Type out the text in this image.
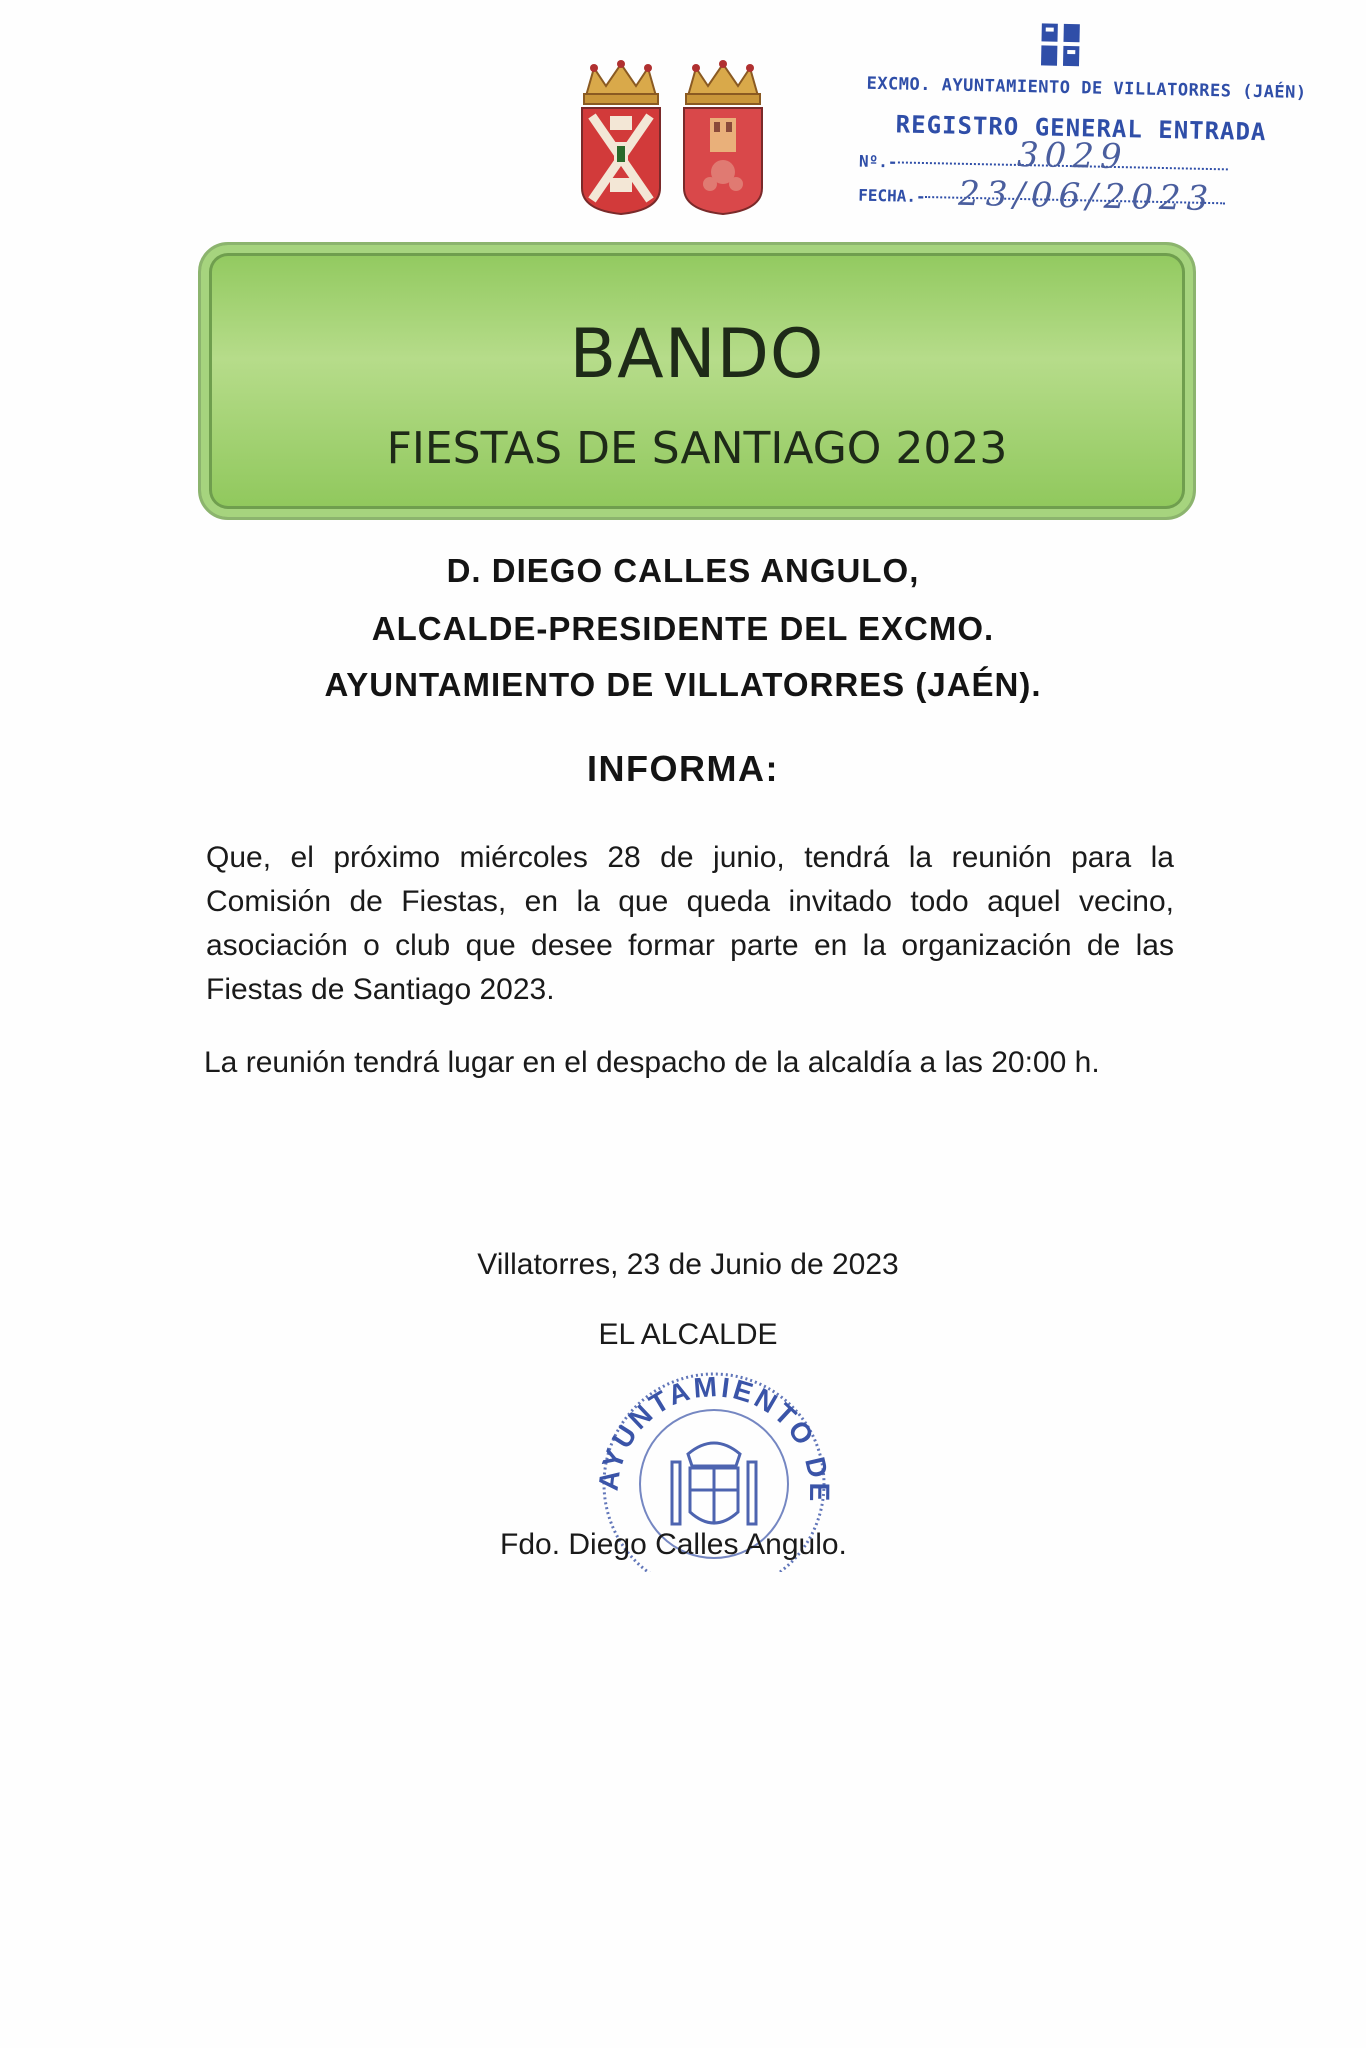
EXCMO. AYUNTAMIENTO DE VILLATORRES (JAÉN)
REGISTRO GENERAL ENTRADA
Nº.-
FECHA.-
3029
23/06/2023
BANDO
FIESTAS DE SANTIAGO 2023
D. DIEGO CALLES ANGULO,
ALCALDE-PRESIDENTE DEL EXCMO.
AYUNTAMIENTO DE VILLATORRES (JAÉN).
INFORMA:
Que, el próximo miércoles 28 de junio, tendrá la reunión para la
Comisión de Fiestas, en la que queda invitado todo aquel vecino,
asociación o club que desee formar parte en la organización de las
Fiestas de Santiago 2023.
La reunión tendrá lugar en el despacho de la alcaldía a las 20:00 h.
Villatorres, 23 de Junio de 2023
EL ALCALDE
AYUNTAMIENTO DE
Fdo. Diego Calles Angulo.
